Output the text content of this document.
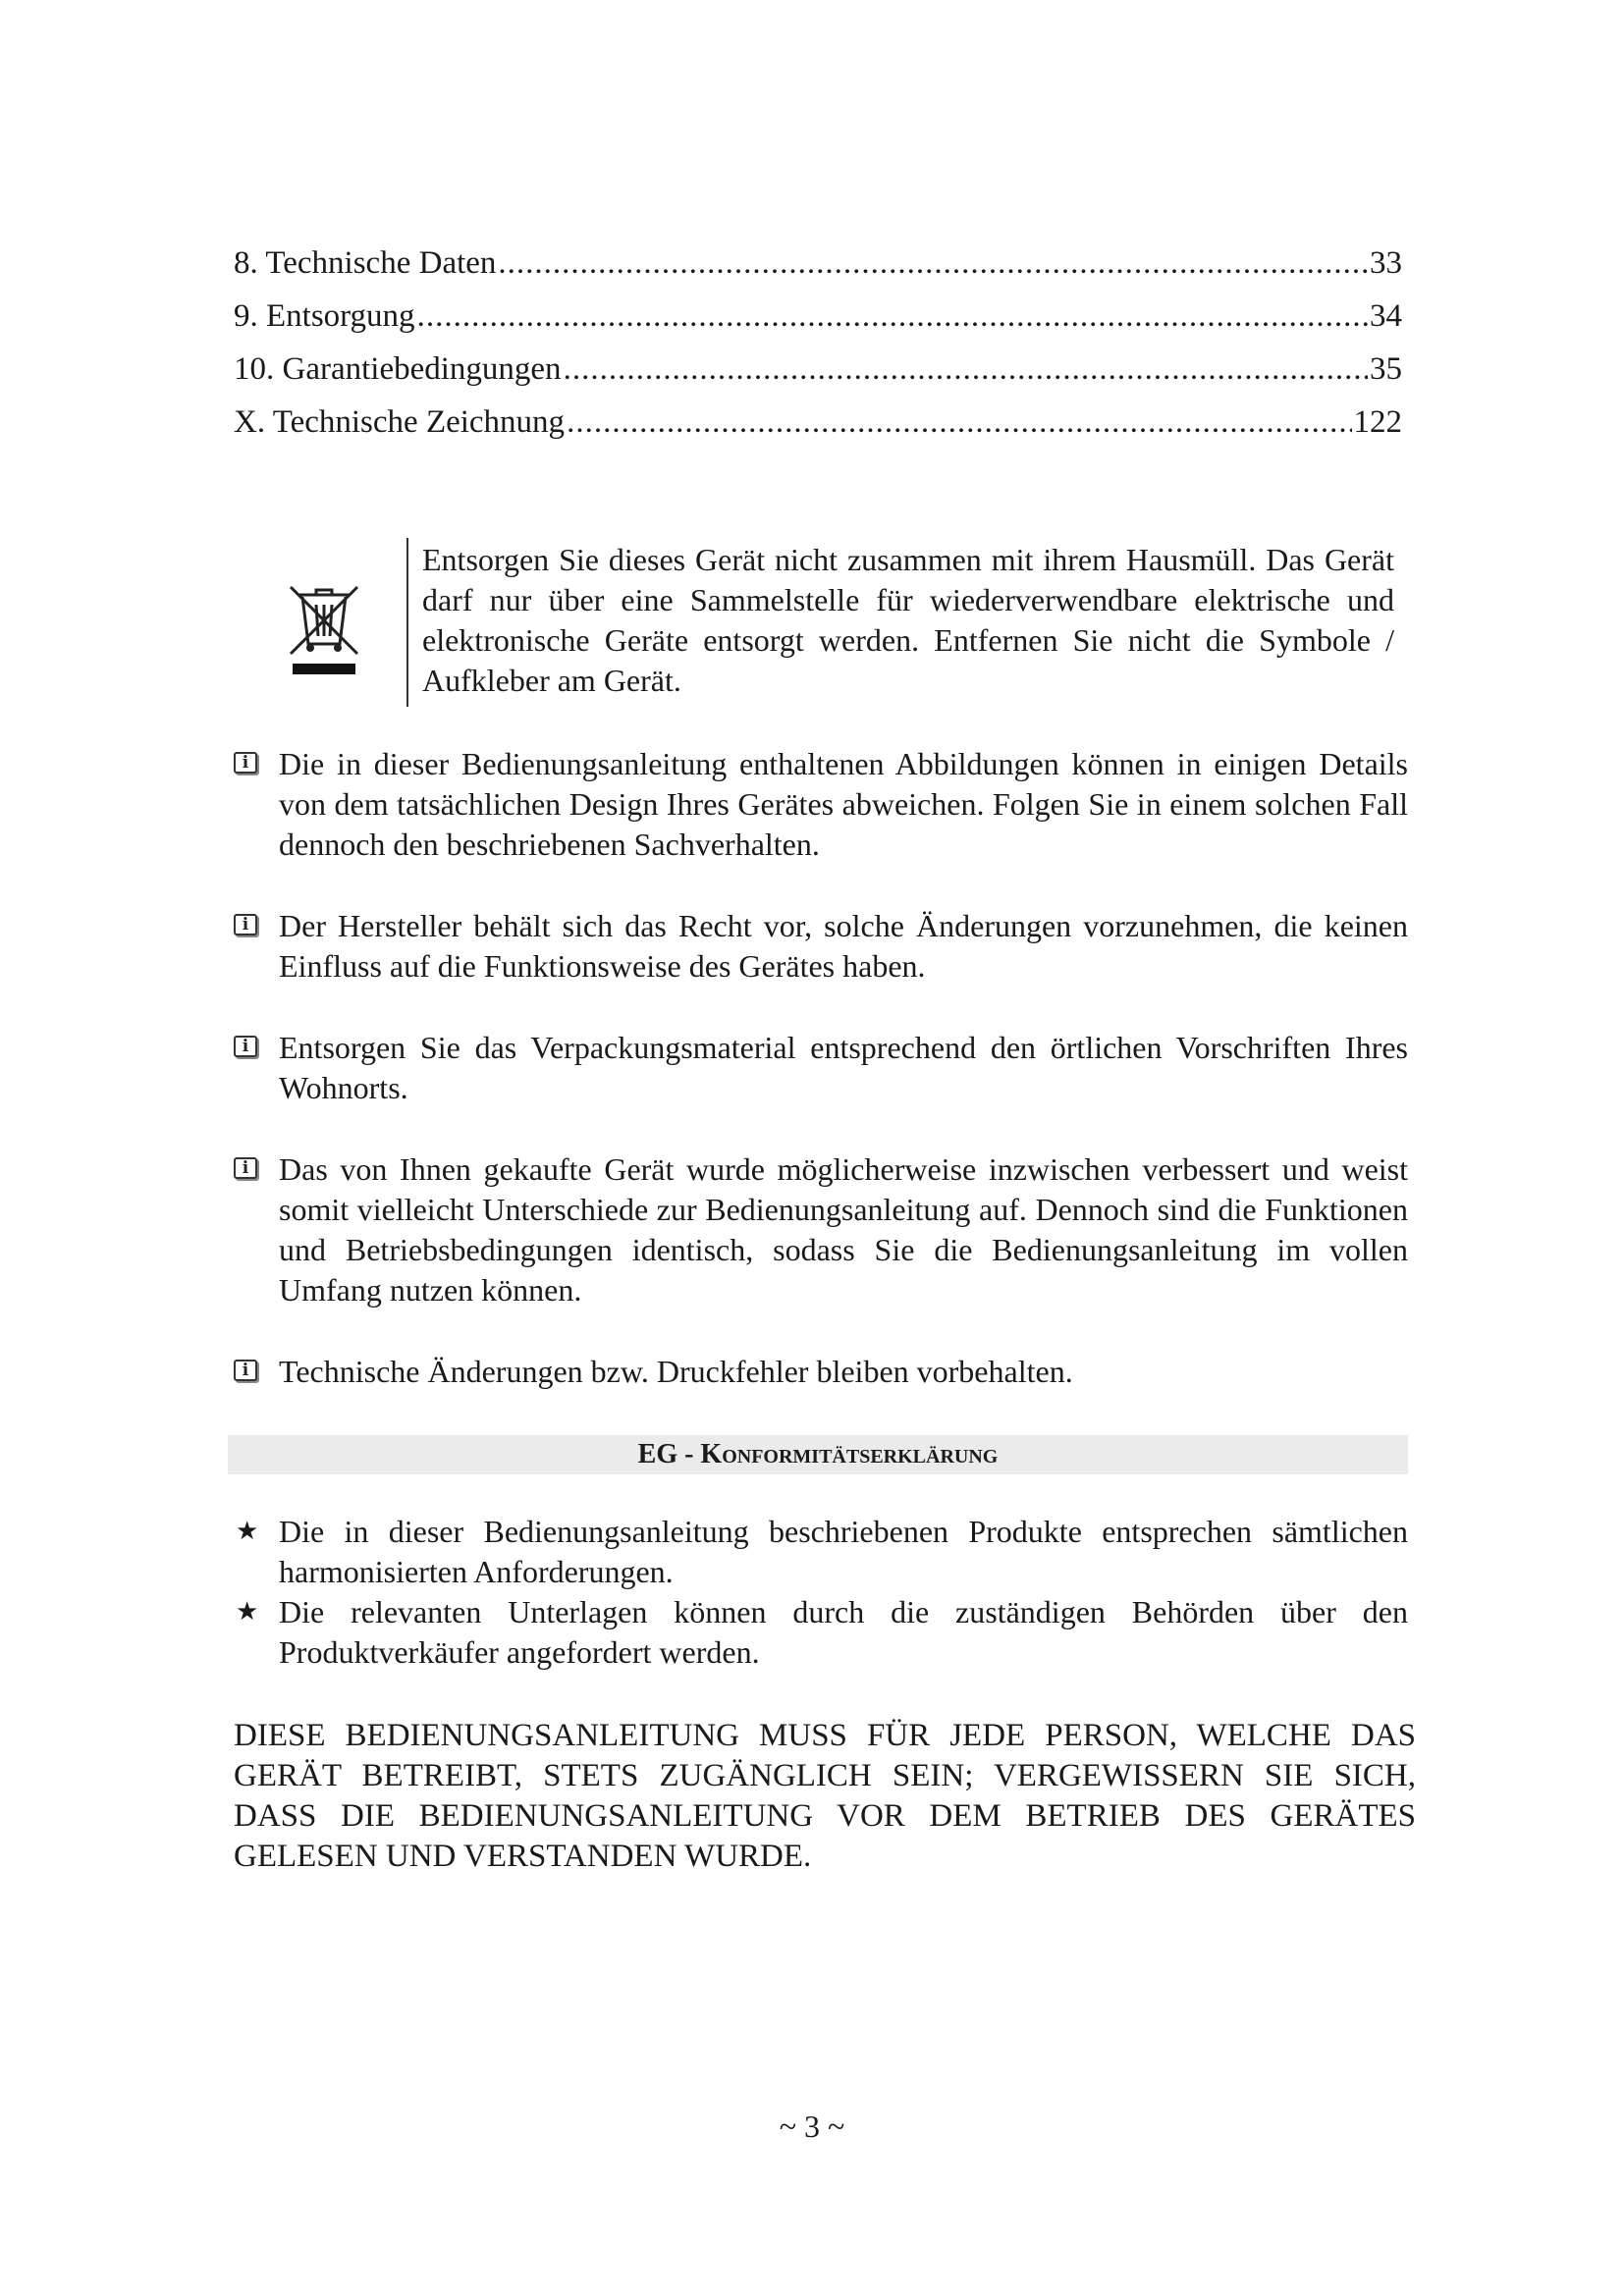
8. Technische Daten .....	33
9. Entsorgung .....	34
10. Garantiebedingungen .....	35
X. Technische Zeichnung .....	122
Entsorgen Sie dieses Gerät nicht zusammen mit ihrem Hausmüll. Das Gerät darf nur über eine Sammelstelle für wiederverwendbare elektrische und elektronische Geräte entsorgt werden. Entfernen Sie nicht die Symbole / Aufkleber am Gerät.
i Die in dieser Bedienungsanleitung enthaltenen Abbildungen können in einigen Details von dem tatsächlichen Design Ihres Gerätes abweichen. Folgen Sie in einem solchen Fall dennoch den beschriebenen Sachverhalten.
i Der Hersteller behält sich das Recht vor, solche Änderungen vorzunehmen, die keinen Einfluss auf die Funktionsweise des Gerätes haben.
i Entsorgen Sie das Verpackungsmaterial entsprechend den örtlichen Vorschriften Ihres Wohnorts.
i Das von Ihnen gekaufte Gerät wurde möglicherweise inzwischen verbessert und weist somit vielleicht Unterschiede zur Bedienungsanleitung auf. Dennoch sind die Funktionen und Betriebsbedingungen identisch, sodass Sie die Bedienungsanleitung im vollen Umfang nutzen können.
i Technische Änderungen bzw. Druckfehler bleiben vorbehalten.
EG - Konformitätserklärung
★ Die in dieser Bedienungsanleitung beschriebenen Produkte entsprechen sämtlichen harmonisierten Anforderungen.
★ Die relevanten Unterlagen können durch die zuständigen Behörden über den Produktverkäufer angefordert werden.
DIESE BEDIENUNGSANLEITUNG MUSS FÜR JEDE PERSON, WELCHE DAS GERÄT BETREIBT, STETS ZUGÄNGLICH SEIN; VERGEWISSERN SIE SICH, DASS DIE BEDIENUNGSANLEITUNG VOR DEM BETRIEB DES GERÄTES GELESEN UND VERSTANDEN WURDE.
~ 3 ~
